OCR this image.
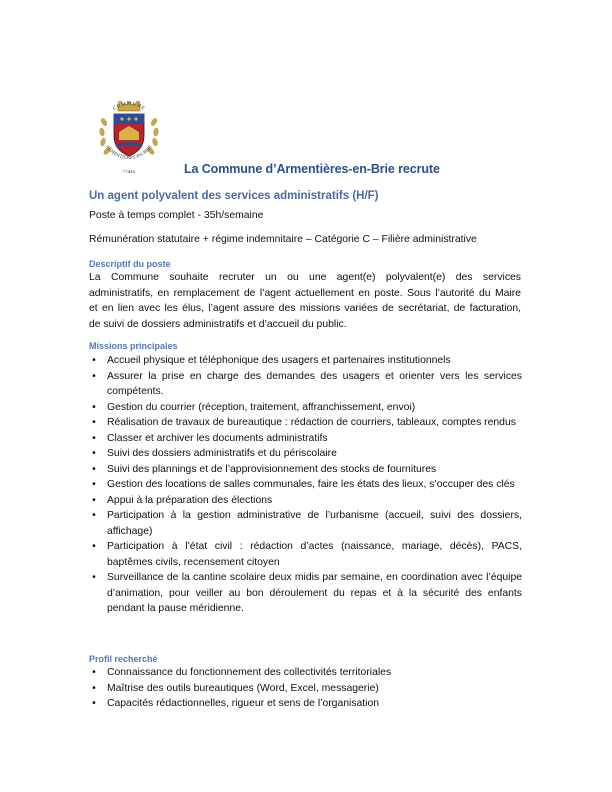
COMMUNE
ARMENTIÈRES-EN-BRIE
77440	La Commune d’Armentières-en-Brie recrute
Un agent polyvalent des services administratifs (H/F)
Poste à temps complet - 35h/semaine
Rémunération statutaire + régime indemnitaire – Catégorie C – Filière administrative
Descriptif du poste
La Commune souhaite recruter un ou une agent(e) polyvalent(e) des services
administratifs, en remplacement de l’agent actuellement en poste. Sous l’autorité du Maire
et en lien avec les élus, l’agent assure des missions variées de secrétariat, de facturation,
de suivi de dossiers administratifs et d’accueil du public.
Missions principales
•	Accueil physique et téléphonique des usagers et partenaires institutionnels
•	Assurer la prise en charge des demandes des usagers et orienter vers les services compétents.
•	Gestion du courrier (réception, traitement, affranchissement, envoi)
•	Réalisation de travaux de bureautique : rédaction de courriers, tableaux, comptes rendus
•	Classer et archiver les documents administratifs
•	Suivi des dossiers administratifs et du périscolaire
•	Suivi des plannings et de l’approvisionnement des stocks de fournitures
•	Gestion des locations de salles communales, faire les états des lieux, s’occuper des clés
•	Appui à la préparation des élections
•	Participation à la gestion administrative de l’urbanisme (accueil, suivi des dossiers, affichage)
•	Participation à l’état civil : rédaction d’actes (naissance, mariage, décès), PACS, baptêmes civils, recensement citoyen
•	Surveillance de la cantine scolaire deux midis par semaine, en coordination avec l’équipe d’animation, pour veiller au bon déroulement du repas et à la sécurité des enfants pendant la pause méridienne.
Profil recherché
•	Connaissance du fonctionnement des collectivités territoriales
•	Maîtrise des outils bureautiques (Word, Excel, messagerie)
•	Capacités rédactionnelles, rigueur et sens de l’organisation
